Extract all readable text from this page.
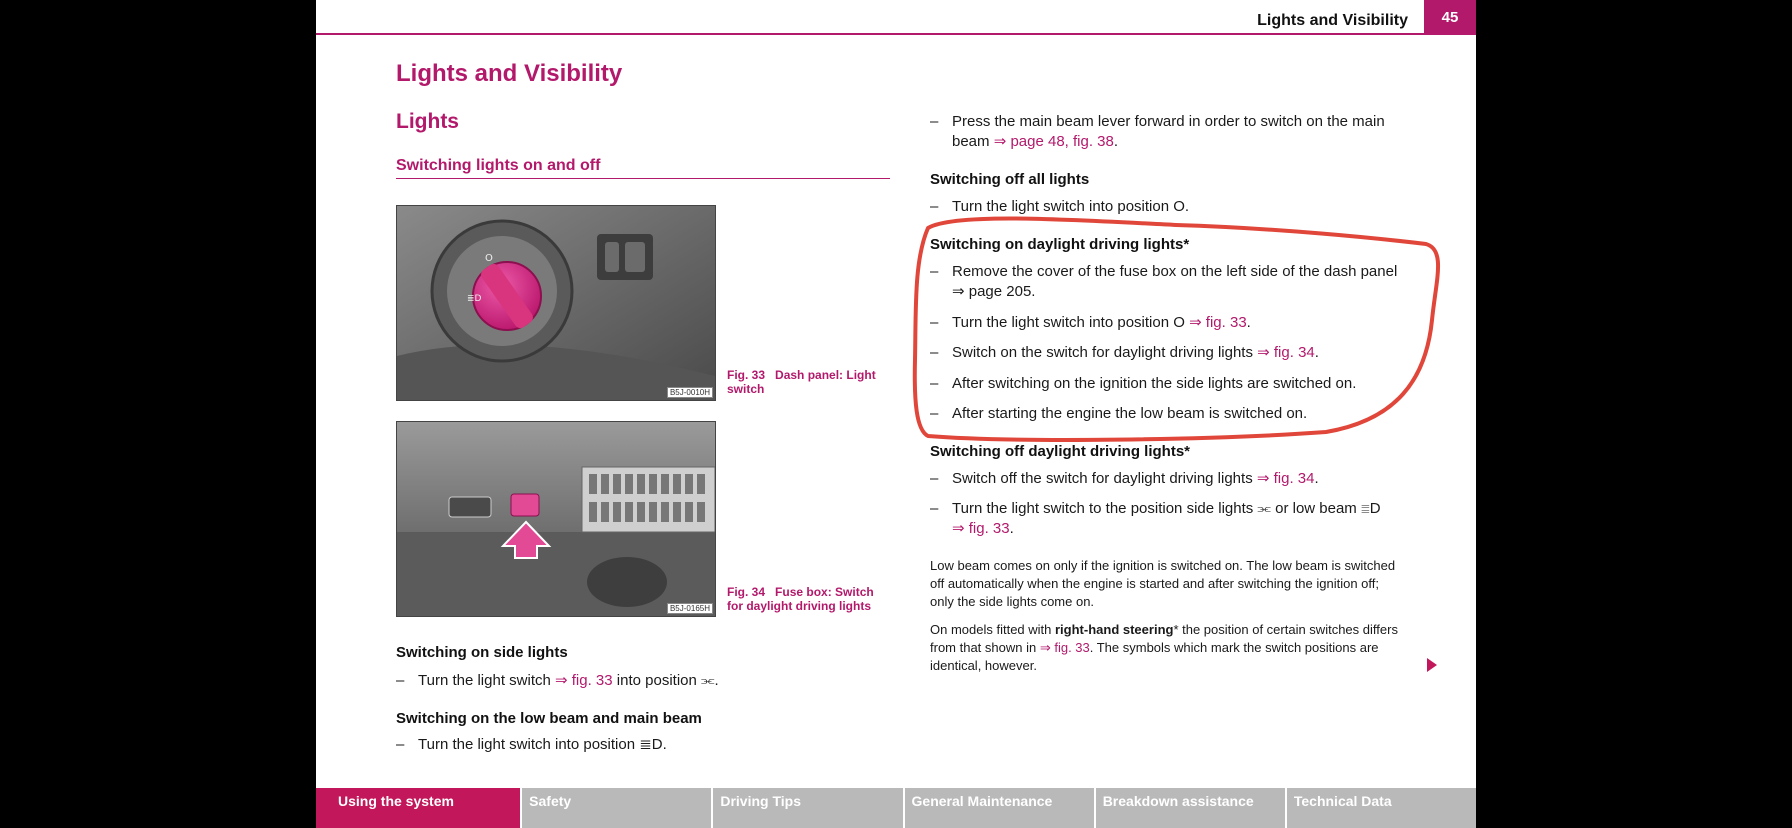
Lights and Visibility	45
Lights and Visibility
Lights
Switching lights on and off
O
≣D
B5J-0010H
Fig. 33 Dash panel: Light switch
B5J-0165H
Fig. 34 Fuse box: Switch for daylight driving lights
Switching on side lights
– Turn the light switch ⇒ fig. 33 into position ⫘.
Switching on the low beam and main beam
– Turn the light switch into position ≣D.
– Press the main beam lever forward in order to switch on the main
beam ⇒ page 48, fig. 38.
Switching off all lights
– Turn the light switch into position O.
Switching on daylight driving lights*
– Remove the cover of the fuse box on the left side of the dash panel
⇒ page 205.
– Turn the light switch into position O ⇒ fig. 33.
– Switch on the switch for daylight driving lights ⇒ fig. 34.
– After switching on the ignition the side lights are switched on.
– After starting the engine the low beam is switched on.
Switching off daylight driving lights*
– Switch off the switch for daylight driving lights ⇒ fig. 34.
– Turn the light switch to the position side lights ⫘ or low beam ≣D
⇒ fig. 33.
Low beam comes on only if the ignition is switched on. The low beam is switched
off automatically when the engine is started and after switching the ignition off;
only the side lights come on.
On models fitted with right-hand steering* the position of certain switches differs
from that shown in ⇒ fig. 33. The symbols which mark the switch positions are
identical, however.
Using the system	Safety	Driving Tips	General Maintenance	Breakdown assistance	Technical Data
